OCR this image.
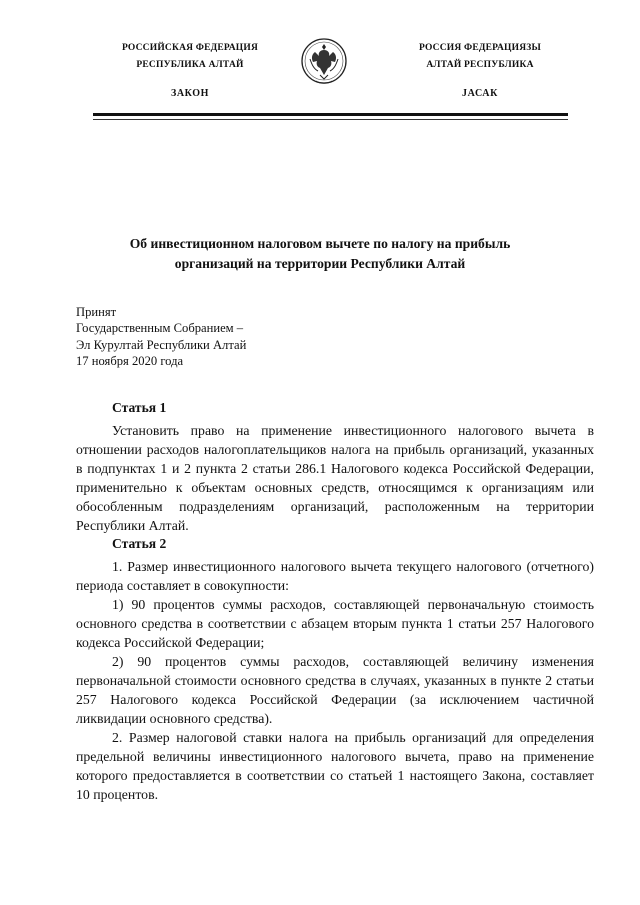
РОССИЙСКАЯ ФЕДЕРАЦИЯ
РЕСПУБЛИКА АЛТАЙ
ЗАКОН
РОССИЯ ФЕДЕРАЦИЯЗЫ
АЛТАЙ РЕСПУБЛИКА
JАСАК
Об инвестиционном налоговом вычете по налогу на прибыль
организаций на территории Республики Алтай
Принят
Государственным Собранием –
Эл Курултай Республики Алтай
17 ноября 2020 года
Статья 1

Установить право на применение инвестиционного налогового вычета в отношении расходов налогоплательщиков налога на прибыль организаций, указанных в подпунктах 1 и 2 пункта 2 статьи 286.1 Налогового кодекса Российской Федерации, применительно к объектам основных средств, относящимся к организациям или обособленным подразделениям организаций, расположенным на территории Республики Алтай.

Статья 2

1. Размер инвестиционного налогового вычета текущего налогового (отчетного) периода составляет в совокупности:

1) 90 процентов суммы расходов, составляющей первоначальную стоимость основного средства в соответствии с абзацем вторым пункта 1 статьи 257 Налогового кодекса Российской Федерации;

2) 90 процентов суммы расходов, составляющей величину изменения первоначальной стоимости основного средства в случаях, указанных в пункте 2 статьи 257 Налогового кодекса Российской Федерации (за исключением частичной ликвидации основного средства).

2. Размер налоговой ставки налога на прибыль организаций для определения предельной величины инвестиционного налогового вычета, право на применение которого предоставляется в соответствии со статьей 1 настоящего Закона, составляет 10 процентов.
